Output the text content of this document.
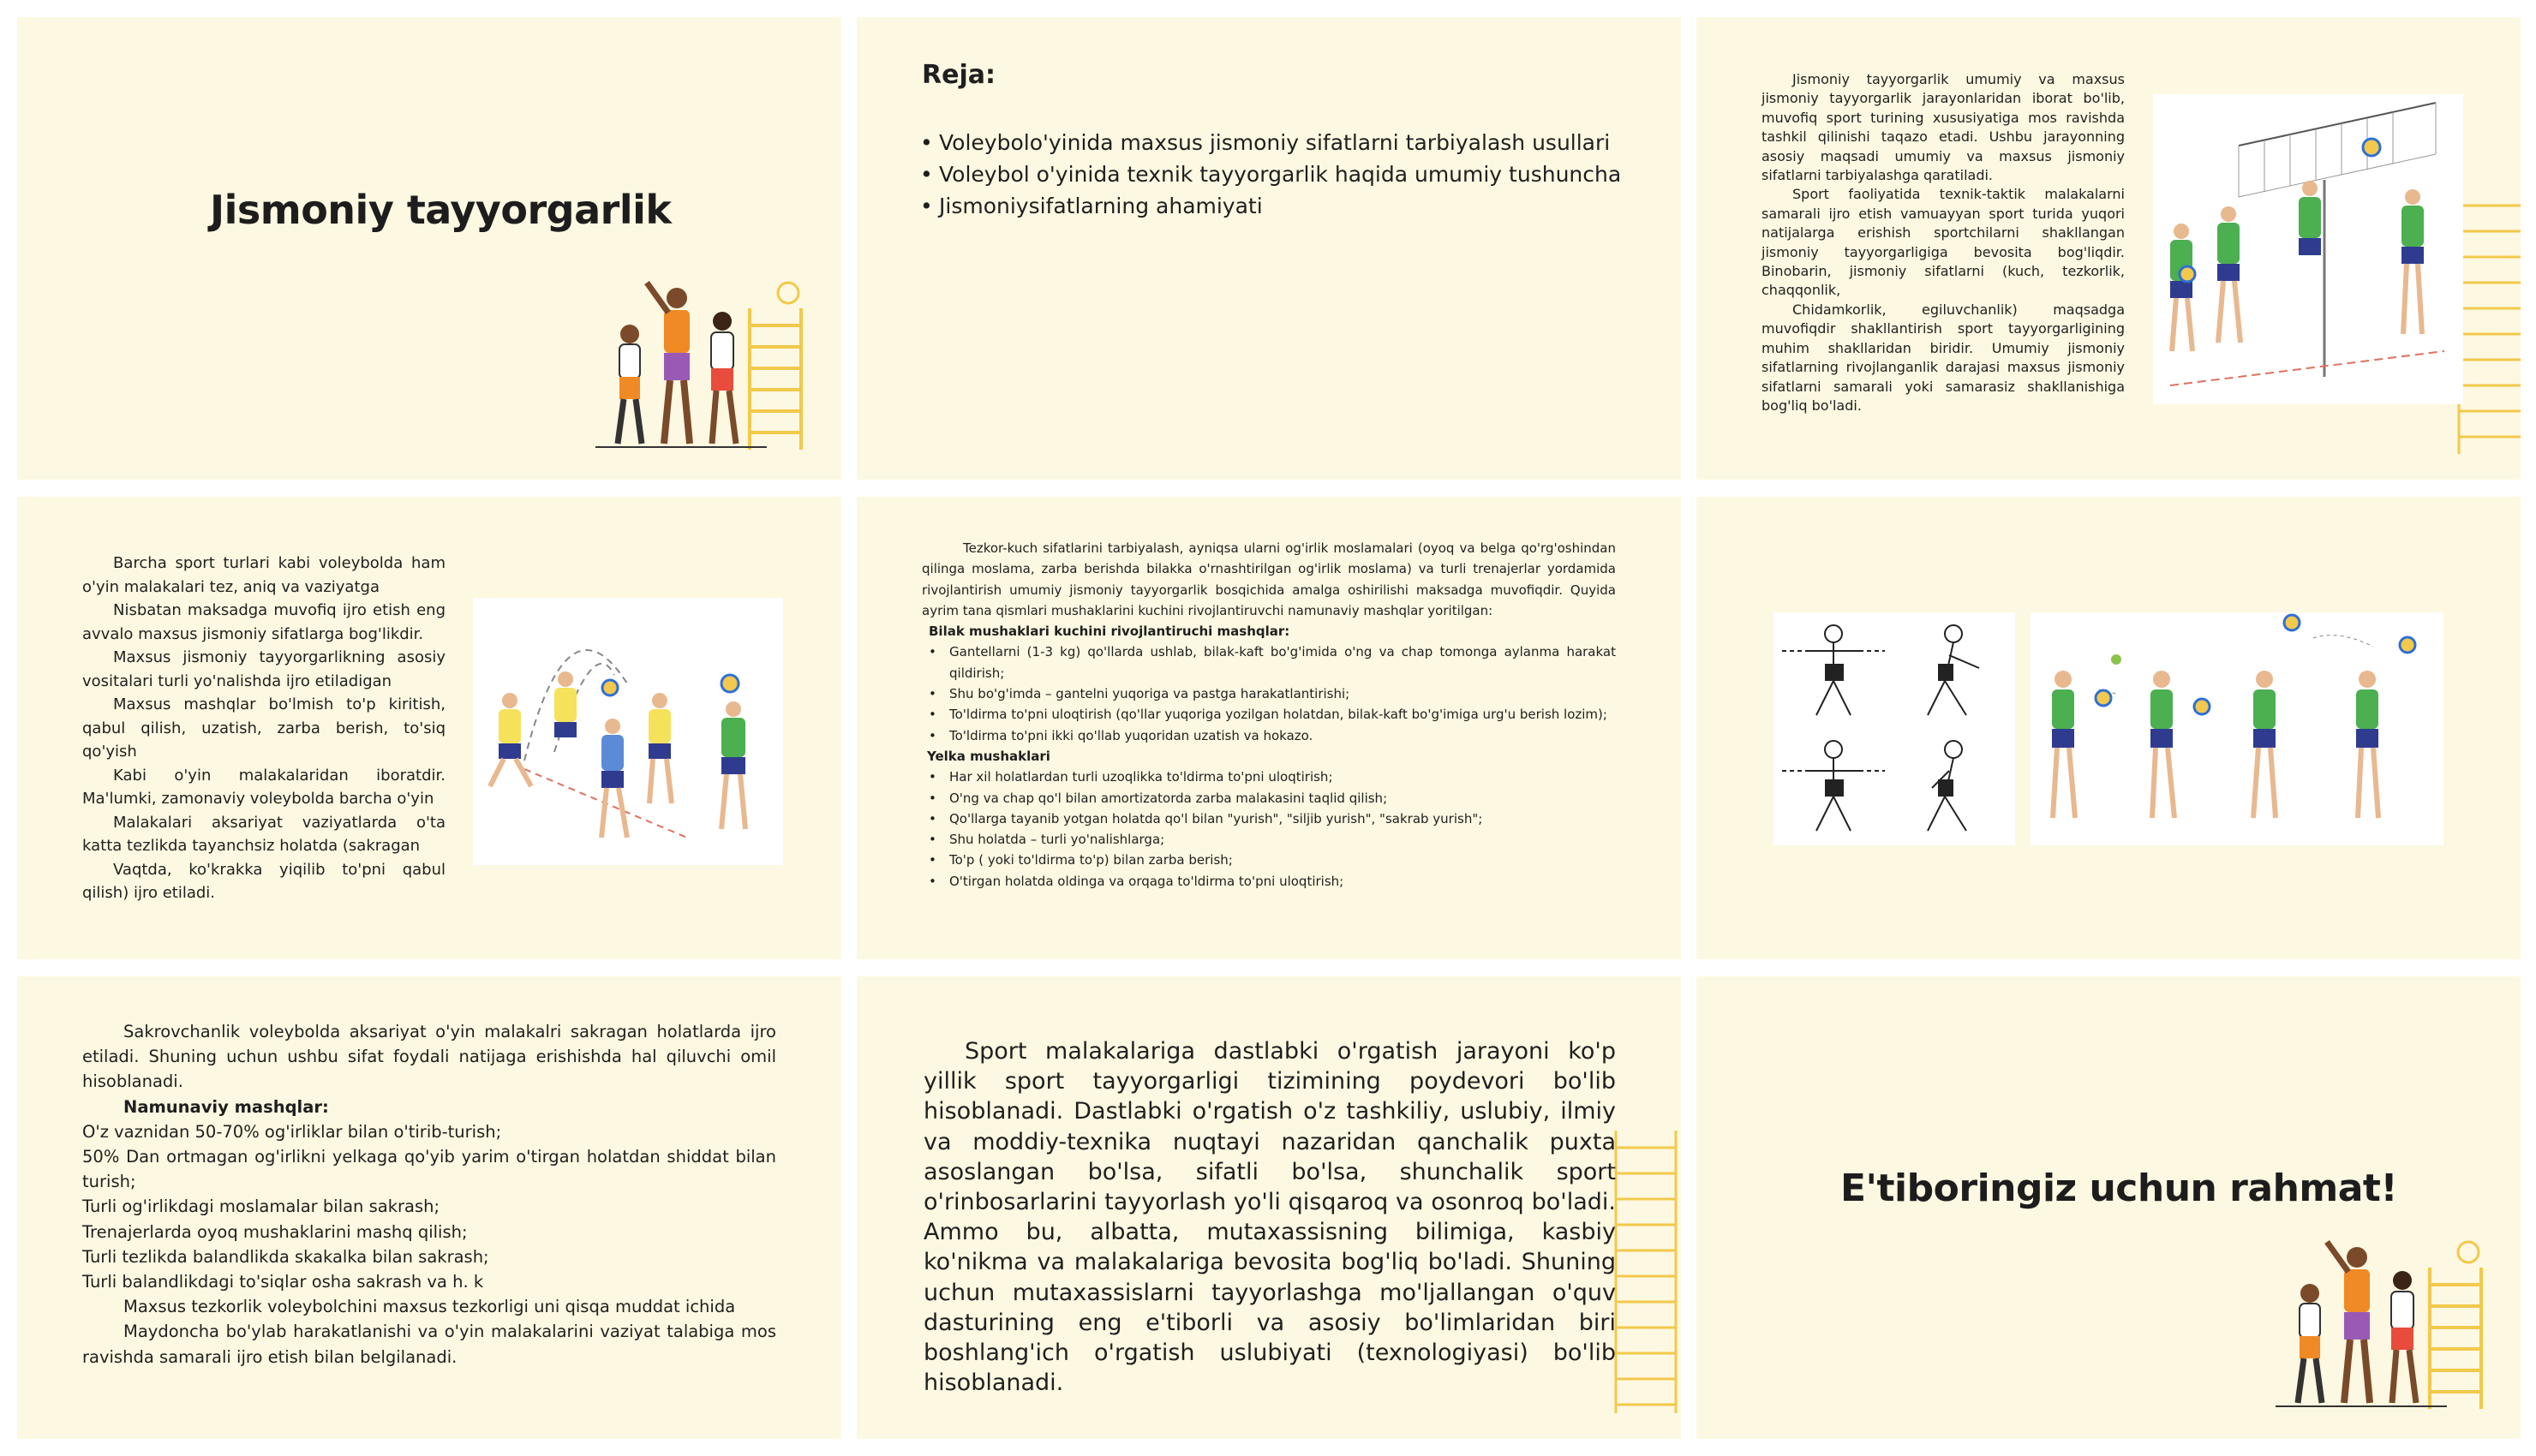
Jismoniy tayyorgarlik
Reja:
• Voleybolo'yinida maxsus jismoniy sifatlarni tarbiyalash usullari
• Voleybol o'yinida texnik tayyorgarlik haqida umumiy tushuncha
• Jismoniysifatlarning ahamiyati

Jismoniy tayyorgarlik umumiy va maxsus jismoniy tayyorgarlik jarayonlaridan iborat bo'lib, muvofiq sport turining xususiyatiga mos ravishda tashkil qilinishi taqazo etadi. Ushbu jarayonning asosiy maqsadi umumiy va maxsus jismoniy sifatlarni tarbiyalashga qaratiladi.

Sport faoliyatida texnik-taktik malakalarni samarali ijro etish vamuayyan sport turida yuqori natijalarga erishish sportchilarni shakllangan jismoniy tayyorgarligiga bevosita bog'liqdir. Binobarin, jismoniy sifatlarni (kuch, tezkorlik, chaqqonlik,

Chidamkorlik, egiluvchanlik) maqsadga muvofiqdir shakllantirish sport tayyorgarligining muhim shakllaridan biridir. Umumiy jismoniy sifatlarning rivojlanganlik darajasi maxsus jismoniy sifatlarni samarali yoki samarasiz shakllanishiga bog'liq bo'ladi.

Barcha sport turlari kabi voleybolda ham o'yin malakalari tez, aniq va vaziyatga

Nisbatan maksadga muvofiq ijro etish eng avvalo maxsus jismoniy sifatlarga bog'likdir.

Maxsus jismoniy tayyorgarlikning asosiy vositalari turli yo'nalishda ijro etiladigan

Maxsus mashqlar bo'lmish to'p kiritish, qabul qilish, uzatish, zarba berish, to'siq qo'yish

Kabi o'yin malakalaridan iboratdir. Ma'lumki, zamonaviy voleybolda barcha o'yin

Malakalari aksariyat vaziyatlarda o'ta katta tezlikda tayanchsiz holatda (sakragan

Vaqtda, ko'krakka yiqilib to'pni qabul qilish) ijro etiladi.

Tezkor-kuch sifatlarini tarbiyalash, ayniqsa ularni og'irlik moslamalari (oyoq va belga qo'rg'oshindan qilinga moslama, zarba berishda bilakka o'rnashtirilgan og'irlik moslama) va turli trenajerlar yordamida rivojlantirish umumiy jismoniy tayyorgarlik bosqichida amalga oshirilishi maksadga muvofiqdir. Quyida ayrim tana qismlari mushaklarini kuchini rivojlantiruvchi namunaviy mashqlar yoritilgan:

Bilak mushaklari kuchini rivojlantiruchi mashqlar:

• Gantellarni (1-3 kg) qo'llarda ushlab, bilak-kaft bo'g'imida o'ng va chap tomonga aylanma harakat qildirish;
• Shu bo'g'imda – gantelni yuqoriga va pastga harakatlantirishi;
• To'ldirma to'pni uloqtirish (qo'llar yuqoriga yozilgan holatdan, bilak-kaft bo'g'imiga urg'u berish lozim);
• To'ldirma to'pni ikki qo'llab yuqoridan uzatish va hokazo.

Yelka mushaklari

• Har xil holatlardan turli uzoqlikka to'ldirma to'pni uloqtirish;
• O'ng va chap qo'l bilan amortizatorda zarba malakasini taqlid qilish;
• Qo'llarga tayanib yotgan holatda qo'l bilan "yurish", "siljib yurish", "sakrab yurish";
• Shu holatda – turli yo'nalishlarga;
• To'p ( yoki to'ldirma to'p) bilan zarba berish;
• O'tirgan holatda oldinga va orqaga to'ldirma to'pni uloqtirish;

Sakrovchanlik voleybolda aksariyat o'yin malakalri sakragan holatlarda ijro etiladi. Shuning uchun ushbu sifat foydali natijaga erishishda hal qiluvchi omil hisoblanadi.

Namunaviy mashqlar:

O'z vaznidan 50-70% og'irliklar bilan o'tirib-turish;

50% Dan ortmagan og'irlikni yelkaga qo'yib yarim o'tirgan holatdan shiddat bilan turish;

Turli og'irlikdagi moslamalar bilan sakrash;

Trenajerlarda oyoq mushaklarini mashq qilish;

Turli tezlikda balandlikda skakalka bilan sakrash;

Turli balandlikdagi to'siqlar osha sakrash va h. k

Maxsus tezkorlik voleybolchini maxsus tezkorligi uni qisqa muddat ichida

Maydoncha bo'ylab harakatlanishi va o'yin malakalarini vaziyat talabiga mos ravishda samarali ijro etish bilan belgilanadi.

Sport malakalariga dastlabki o'rgatish jarayoni ko'p yillik sport tayyorgarligi tizimining poydevori bo'lib hisoblanadi. Dastlabki o'rgatish o'z tashkiliy, uslubiy, ilmiy va moddiy-texnika nuqtayi nazaridan qanchalik puxta asoslangan bo'lsa, sifatli bo'lsa, shunchalik sport o'rinbosarlarini tayyorlash yo'li qisqaroq va osonroq bo'ladi. Ammo bu, albatta, mutaxassisning bilimiga, kasbiy ko'nikma va malakalariga bevosita bog'liq bo'ladi. Shuning uchun mutaxassislarni tayyorlashga mo'ljallangan o'quv dasturining eng e'tiborli va asosiy bo'limlaridan biri boshlang'ich o'rgatish uslubiyati (texnologiyasi) bo'lib hisoblanadi.
E'tiboringiz uchun rahmat!
